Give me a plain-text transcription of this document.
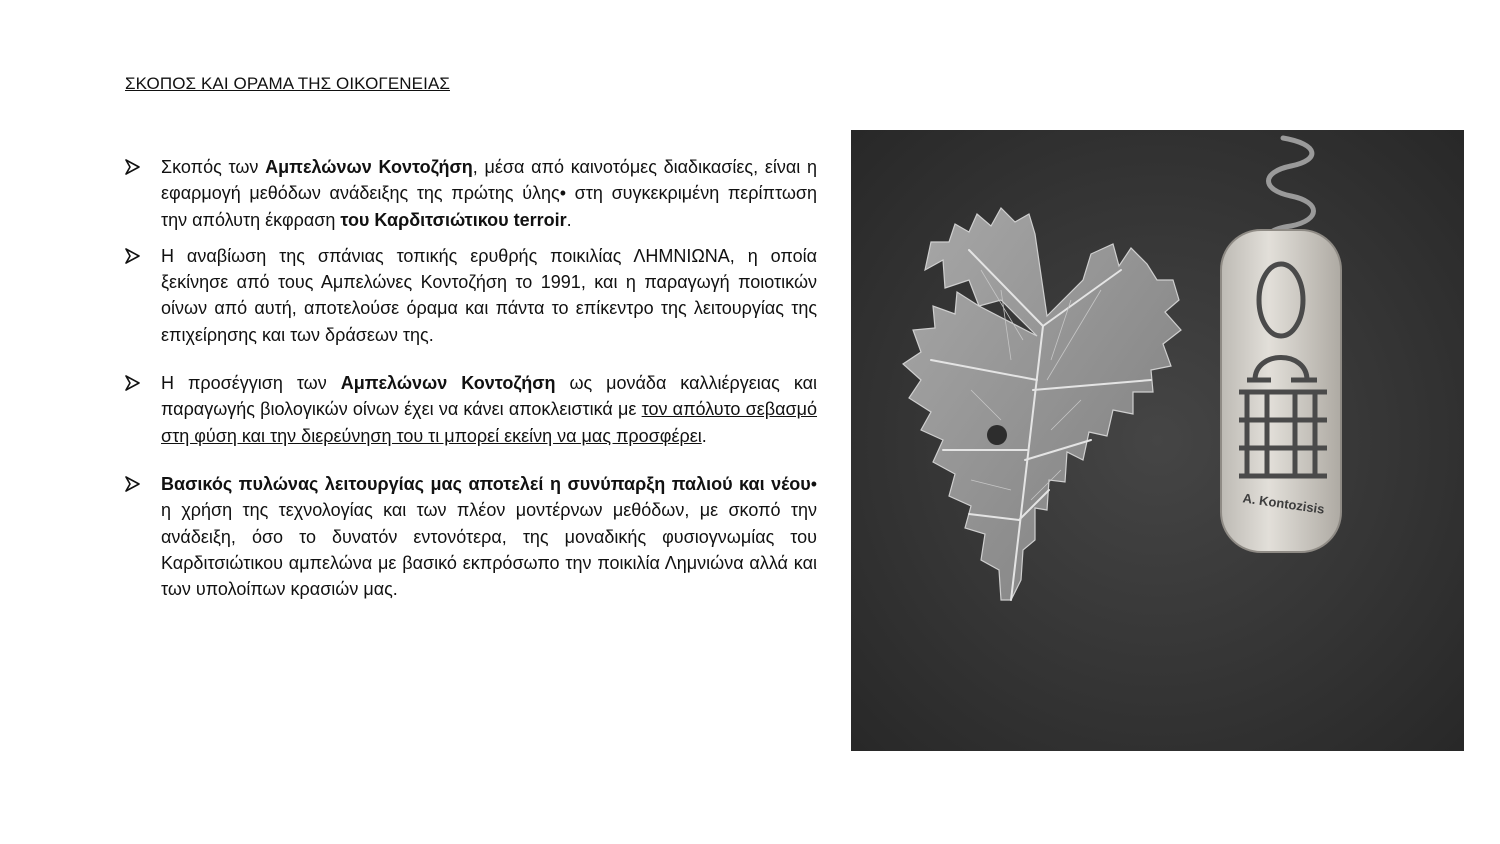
ΣΚΟΠΟΣ ΚΑΙ ΟΡΑΜΑ ΤΗΣ ΟΙΚΟΓΕΝΕΙΑΣ
Σκοπός των Αμπελώνων Κοντοζήση, μέσα από καινοτόμες διαδικασίες, είναι η εφαρμογή μεθόδων ανάδειξης της πρώτης ύλης• στη συγκεκριμένη περίπτωση την απόλυτη έκφραση του Καρδιτσιώτικου terroir.
Η αναβίωση της σπάνιας τοπικής ερυθρής ποικιλίας ΛΗΜΝΙΩΝΑ, η οποία ξεκίνησε από τους Αμπελώνες Κοντοζήση το 1991, και η παραγωγή ποιοτικών οίνων από αυτή, αποτελούσε όραμα και πάντα το επίκεντρο της λειτουργίας της επιχείρησης και των δράσεων της.
Η προσέγγιση των Αμπελώνων Κοντοζήση ως μονάδα καλλιέργειας και παραγωγής βιολογικών οίνων έχει να κάνει αποκλειστικά με τον απόλυτο σεβασμό στη φύση και την διερεύνηση του τι μπορεί εκείνη να μας προσφέρει.
Βασικός πυλώνας λειτουργίας μας αποτελεί η συνύπαρξη παλιού και νέου• η χρήση της τεχνολογίας και των πλέον μοντέρνων μεθόδων, με σκοπό την ανάδειξη, όσο το δυνατόν εντονότερα, της μοναδικής φυσιογνωμίας του Καρδιτσιώτικου αμπελώνα με βασικό εκπρόσωπο την ποικιλία Λημνιώνα αλλά και των υπολοίπων κρασιών μας.
A. Kontozisis
